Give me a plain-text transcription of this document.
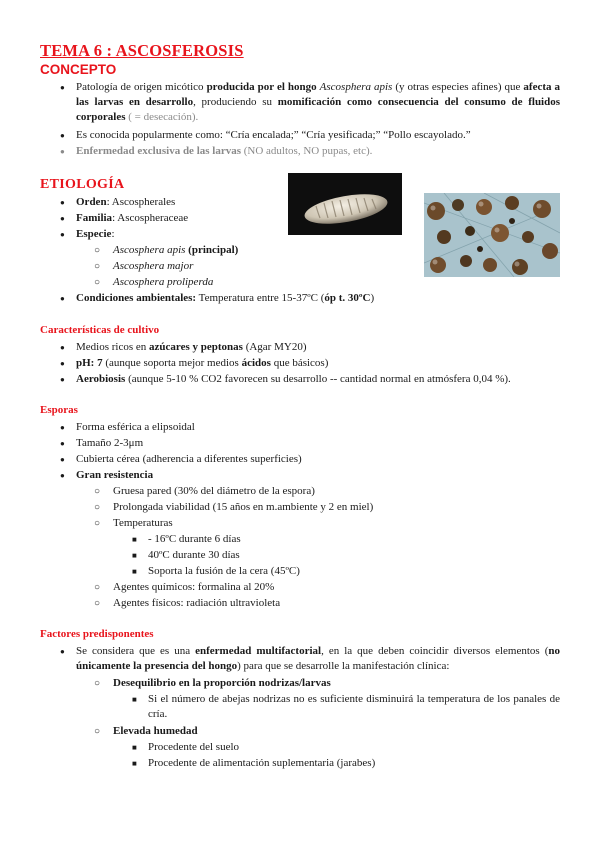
TEMA 6 : ASCOSFEROSIS
CONCEPTO
● Patología de origen micótico producida por el hongo Ascosphera apis (y otras especies afines) que afecta a las larvas en desarrollo, produciendo su momificación como consecuencia del consumo de fluidos corporales ( = desecación).
● Es conocida popularmente como: “Cría encalada;” “Cría yesificada;” “Pollo escayolado.”
● Enfermedad exclusiva de las larvas (NO adultos, NO pupas, etc).
ETIOLOGÍA
● Orden: Ascospherales
● Familia: Ascospheraceae
● Especie:
○ Ascosphera apis (principal)
○ Ascosphera major
○ Ascosphera proliperda
● Condiciones ambientales: Temperatura entre 15-37ºC (óp t. 30ºC)
Características de cultivo
● Medios ricos en azúcares y peptonas (Agar MY20)
● pH: 7 (aunque soporta mejor medios ácidos que básicos)
● Aerobiosis (aunque 5-10 % CO2 favorecen su desarrollo -- cantidad normal en atmósfera 0,04 %).
Esporas
● Forma esférica a elipsoidal
● Tamaño 2-3μm
● Cubierta cérea (adherencia a diferentes superficies)
● Gran resistencia
○ Gruesa pared (30% del diámetro de la espora)
○ Prolongada viabilidad (15 años en m.ambiente y 2 en miel)
○ Temperaturas
■ - 16ºC durante 6 días
■ 40ºC durante 30 días
■ Soporta la fusión de la cera (45ºC)
○ Agentes químicos: formalina al 20%
○ Agentes físicos: radiación ultravioleta
Factores predisponentes
● Se considera que es una enfermedad multifactorial, en la que deben coincidir diversos elementos (no únicamente la presencia del hongo) para que se desarrolle la manifestación clínica:
○ Desequilibrio en la proporción nodrizas/larvas
■ Si el número de abejas nodrizas no es suficiente disminuirá la temperatura de los panales de cría.
○ Elevada humedad
■ Procedente del suelo
■ Procedente de alimentación suplementaria (jarabes)
